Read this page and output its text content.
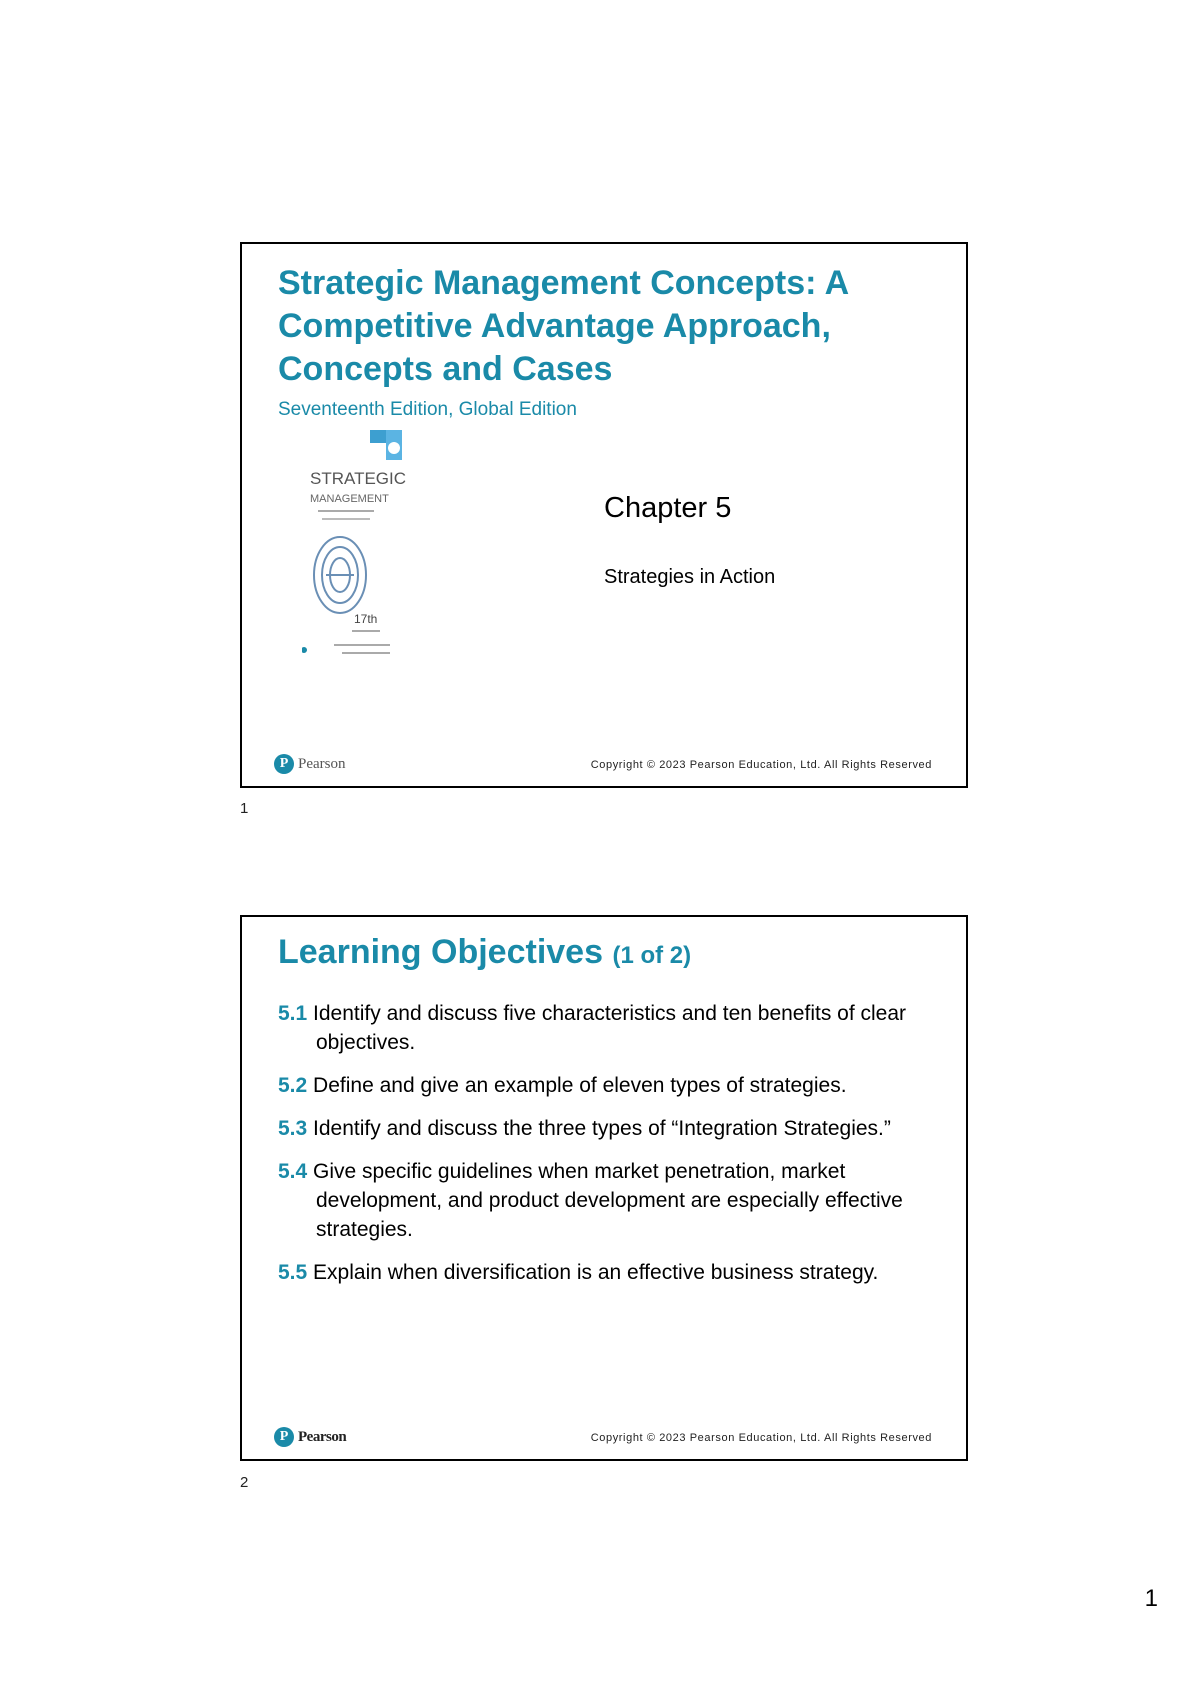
Strategic Management Concepts: A Competitive Advantage Approach, Concepts and Cases
Seventeenth Edition, Global Edition
STRATEGIC
MANAGEMENT
17th
Chapter 5
Strategies in Action
P Pearson	Copyright © 2023 Pearson Education, Ltd. All Rights Reserved
1
Learning Objectives (1 of 2)
5.1 Identify and discuss five characteristics and ten benefits of clear objectives.
5.2 Define and give an example of eleven types of strategies.
5.3 Identify and discuss the three types of “Integration Strategies.”
5.4 Give specific guidelines when market penetration, market development, and product development are especially effective strategies.
5.5 Explain when diversification is an effective business strategy.
P Pearson	Copyright © 2023 Pearson Education, Ltd. All Rights Reserved
2
1
